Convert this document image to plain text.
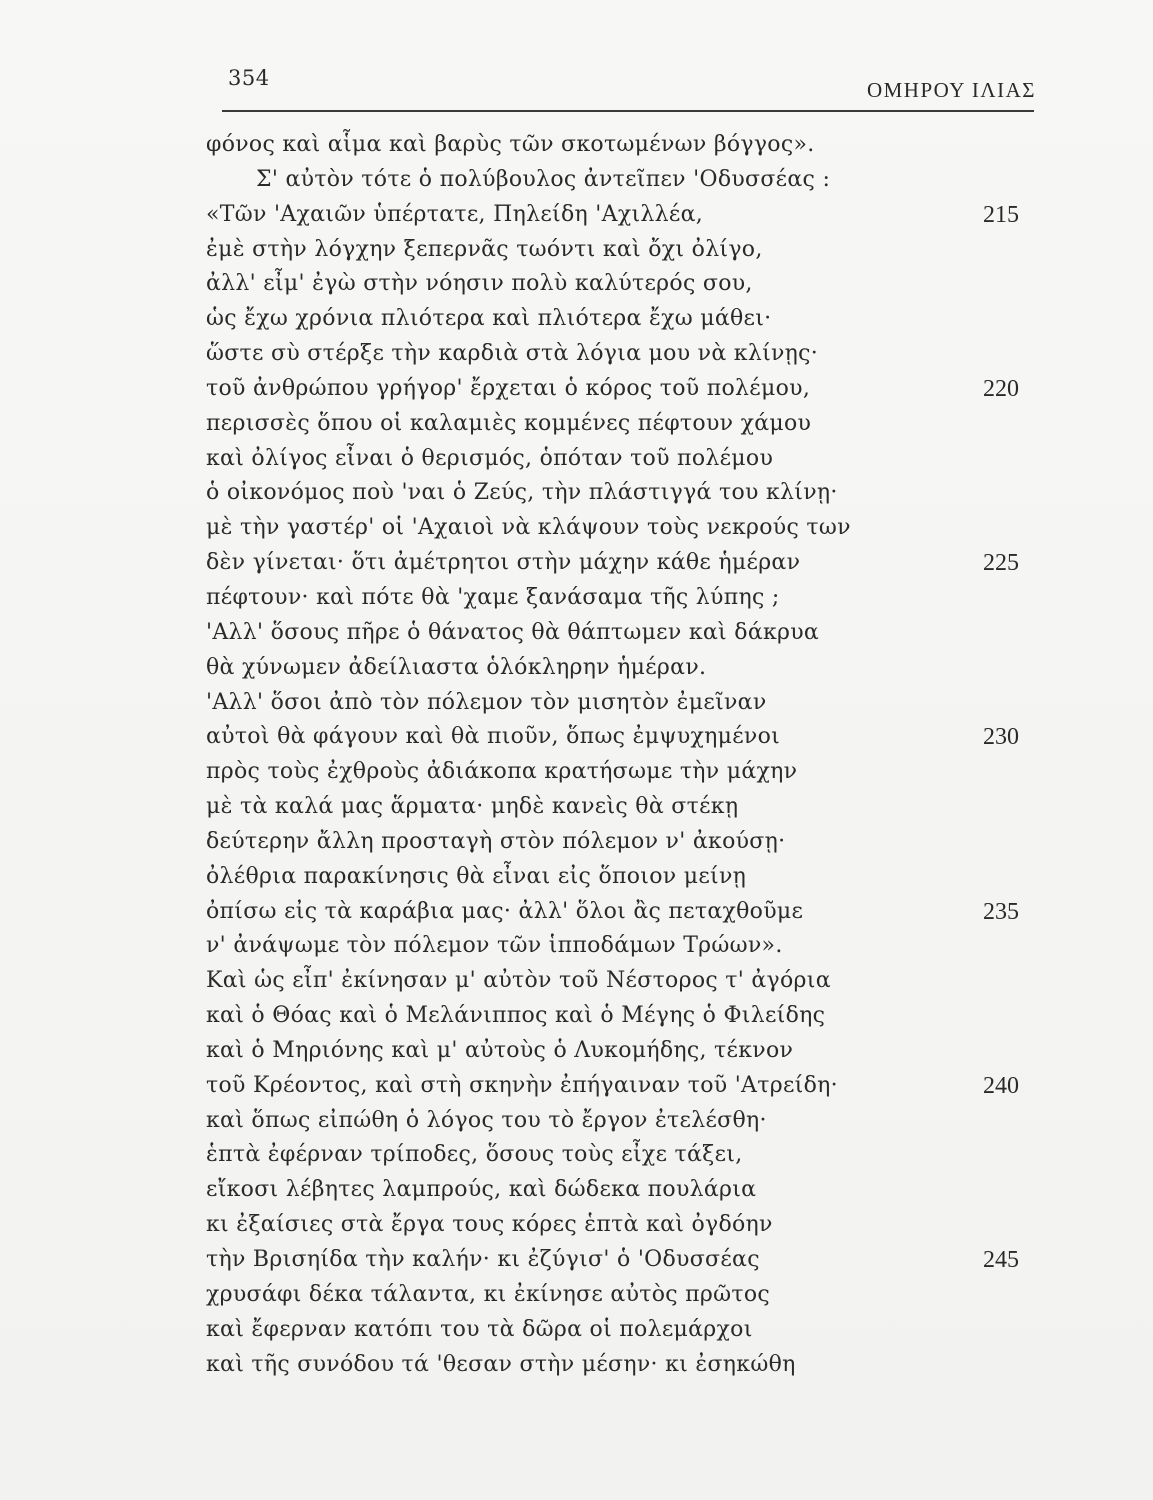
354	ΟΜΗΡΟΥ ΙΛΙΑΣ
φόνος καὶ αἷμα καὶ βαρὺς τῶν σκοτωμένων βόγγος».
Σ' αὐτὸν τότε ὁ πολύβουλος ἀντεῖπεν 'Οδυσσέας :
«Τῶν 'Αχαιῶν ὑπέρτατε, Πηλείδη 'Αχιλλέα,	215
ἐμὲ στὴν λόγχην ξεπερνᾶς τωόντι καὶ ὄχι ὀλίγο,
ἀλλ' εἶμ' ἐγὼ στὴν νόησιν πολὺ καλύτερός σου,
ὡς ἔχω χρόνια πλιότερα καὶ πλιότερα ἔχω μάθει·
ὥστε σὺ στέρξε τὴν καρδιὰ στὰ λόγια μου νὰ κλίνῃς·
τοῦ ἀνθρώπου γρήγορ' ἔρχεται ὁ κόρος τοῦ πολέμου,	220
περισσὲς ὅπου οἱ καλαμιὲς κομμένες πέφτουν χάμου
καὶ ὀλίγος εἶναι ὁ θερισμός, ὁπόταν τοῦ πολέμου
ὁ οἰκονόμος ποὺ 'ναι ὁ Ζεύς, τὴν πλάστιγγά του κλίνῃ·
μὲ τὴν γαστέρ' οἱ 'Αχαιοὶ νὰ κλάψουν τοὺς νεκρούς των
δὲν γίνεται· ὅτι ἀμέτρητοι στὴν μάχην κάθε ἡμέραν	225
πέφτουν· καὶ πότε θὰ 'χαμε ξανάσαμα τῆς λύπης ;
'Αλλ' ὅσους πῆρε ὁ θάνατος θὰ θάπτωμεν καὶ δάκρυα
θὰ χύνωμεν ἀδείλιαστα ὁλόκληρην ἡμέραν.
'Αλλ' ὅσοι ἀπὸ τὸν πόλεμον τὸν μισητὸν ἐμεῖναν
αὐτοὶ θὰ φάγουν καὶ θὰ πιοῦν, ὅπως ἐμψυχημένοι	230
πρὸς τοὺς ἐχθροὺς ἀδιάκοπα κρατήσωμε τὴν μάχην
μὲ τὰ καλά μας ἅρματα· μηδὲ κανεὶς θὰ στέκῃ
δεύτερην ἄλλη προσταγὴ στὸν πόλεμον ν' ἀκούσῃ·
ὀλέθρια παρακίνησις θὰ εἶναι εἰς ὅποιον μείνῃ
ὀπίσω εἰς τὰ καράβια μας· ἀλλ' ὅλοι ἂς πεταχθοῦμε	235
ν' ἀνάψωμε τὸν πόλεμον τῶν ἱπποδάμων Τρώων».
Καὶ ὡς εἶπ' ἐκίνησαν μ' αὐτὸν τοῦ Νέστορος τ' ἀγόρια
καὶ ὁ Θόας καὶ ὁ Μελάνιππος καὶ ὁ Μέγης ὁ Φιλείδης
καὶ ὁ Μηριόνης καὶ μ' αὐτοὺς ὁ Λυκομήδης, τέκνον
τοῦ Κρέοντος, καὶ στὴ σκηνὴν ἐπήγαιναν τοῦ 'Ατρείδη·	240
καὶ ὅπως εἰπώθη ὁ λόγος του τὸ ἔργον ἐτελέσθη·
ἑπτὰ ἐφέρναν τρίποδες, ὅσους τοὺς εἶχε τάξει,
εἴκοσι λέβητες λαμπρούς, καὶ δώδεκα πουλάρια
κι ἐξαίσιες στὰ ἔργα τους κόρες ἑπτὰ καὶ ὀγδόην
τὴν Βρισηίδα τὴν καλήν· κι ἐζύγισ' ὁ 'Οδυσσέας	245
χρυσάφι δέκα τάλαντα, κι ἐκίνησε αὐτὸς πρῶτος
καὶ ἔφερναν κατόπι του τὰ δῶρα οἱ πολεμάρχοι
καὶ τῆς συνόδου τά 'θεσαν στὴν μέσην· κι ἐσηκώθη
